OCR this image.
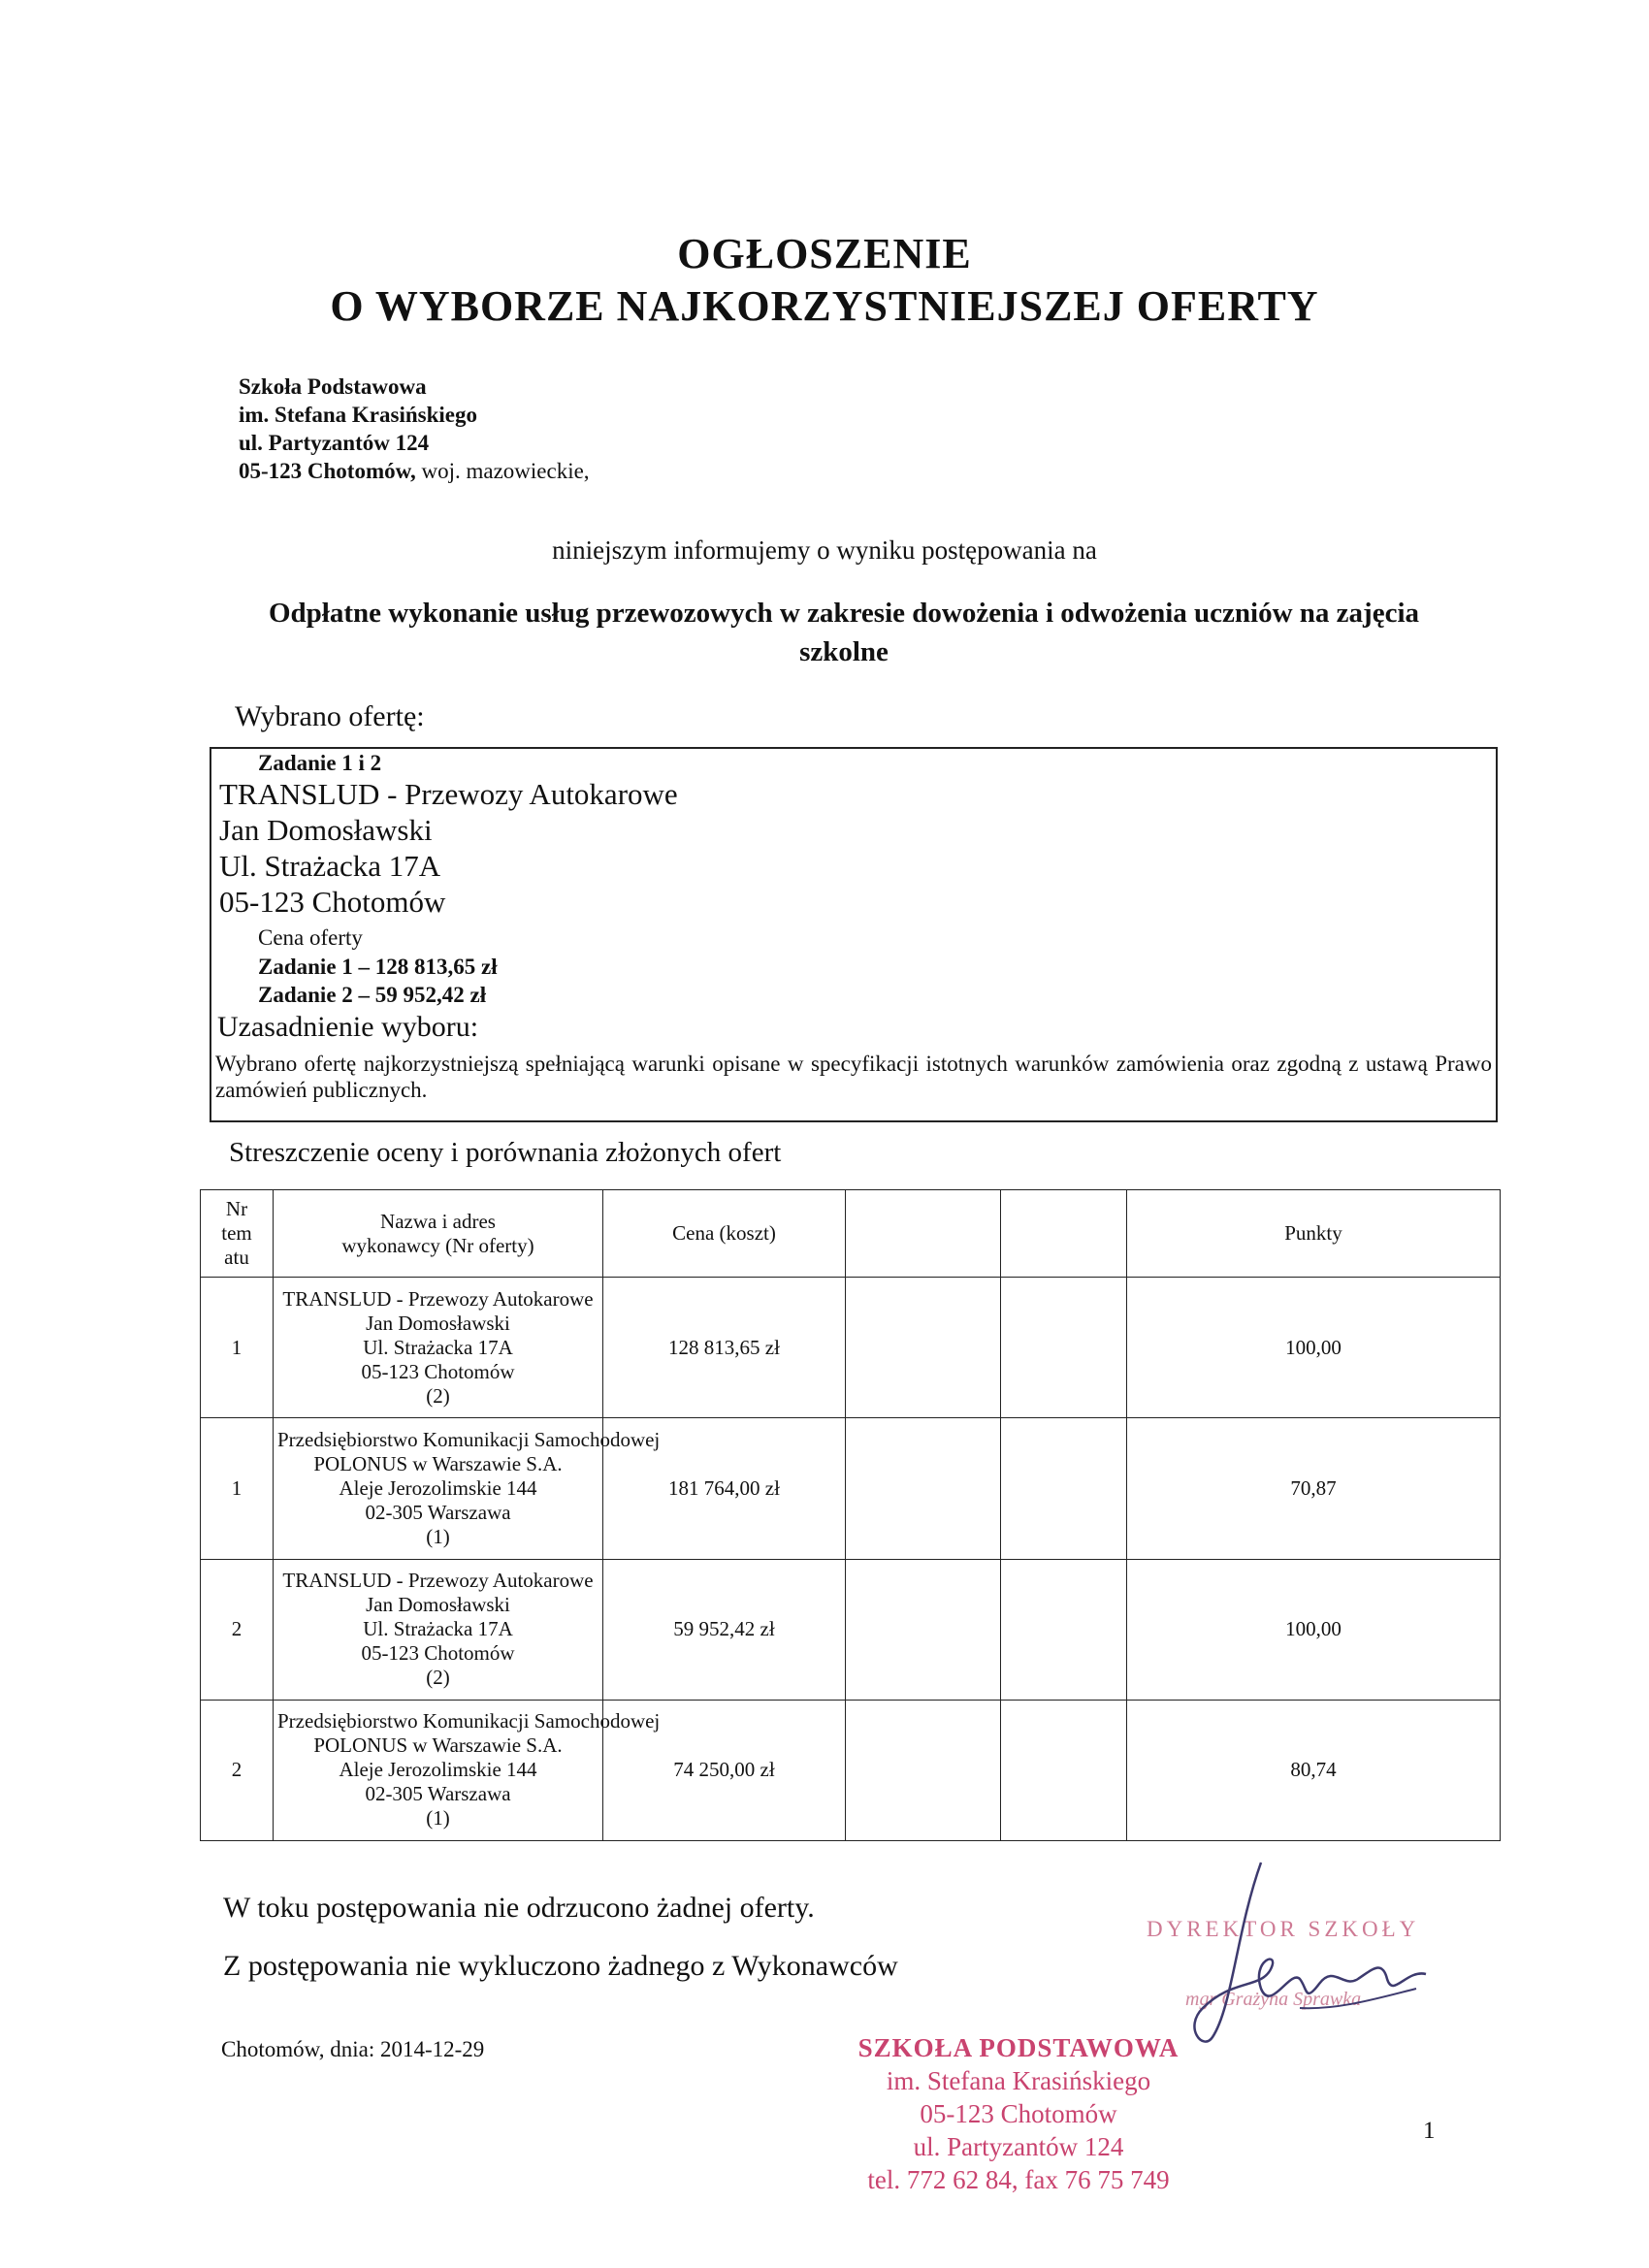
OGŁOSZENIE
O WYBORZE NAJKORZYSTNIEJSZEJ OFERTY
Szkoła Podstawowa
im. Stefana Krasińskiego
ul. Partyzantów 124
05-123 Chotomów, woj. mazowieckie,
niniejszym informujemy o wyniku postępowania na
Odpłatne wykonanie usług przewozowych w zakresie dowożenia i odwożenia uczniów na zajęcia szkolne
Wybrano ofertę:
Zadanie 1 i 2
TRANSLUD - Przewozy Autokarowe
Jan Domosławski
Ul. Strażacka 17A
05-123 Chotomów
Cena oferty
Zadanie 1 – 128 813,65 zł
Zadanie 2 – 59 952,42 zł
Uzasadnienie wyboru:
Wybrano ofertę najkorzystniejszą spełniającą warunki opisane w specyfikacji istotnych warunków zamówienia oraz zgodną z ustawą Prawo zamówień publicznych.
Streszczenie oceny i porównania złożonych ofert
Nr tem atu	Nazwa i adres wykonawcy (Nr oferty)	Cena (koszt)			Punkty
1	TRANSLUD - Przewozy Autokarowe
Jan Domosławski
Ul. Strażacka 17A
05-123 Chotomów
(2)	128 813,65 zł			100,00
1	Przedsiębiorstwo Komunikacji Samochodowej
POLONUS w Warszawie S.A.
Aleje Jerozolimskie 144
02-305 Warszawa
(1)	181 764,00 zł			70,87
2	TRANSLUD - Przewozy Autokarowe
Jan Domosławski
Ul. Strażacka 17A
05-123 Chotomów
(2)	59 952,42 zł			100,00
2	Przedsiębiorstwo Komunikacji Samochodowej
POLONUS w Warszawie S.A.
Aleje Jerozolimskie 144
02-305 Warszawa
(1)	74 250,00 zł			80,74
W toku postępowania nie odrzucono żadnej oferty.
Z postępowania nie wykluczono żadnego z Wykonawców
Chotomów, dnia: 2014-12-29
1
DYREKTOR SZKOŁY
mgr Grażyna Sprawka
SZKOŁA PODSTAWOWA
im. Stefana Krasińskiego
05-123 Chotomów
ul. Partyzantów 124
tel. 772 62 84, fax 76 75 749
